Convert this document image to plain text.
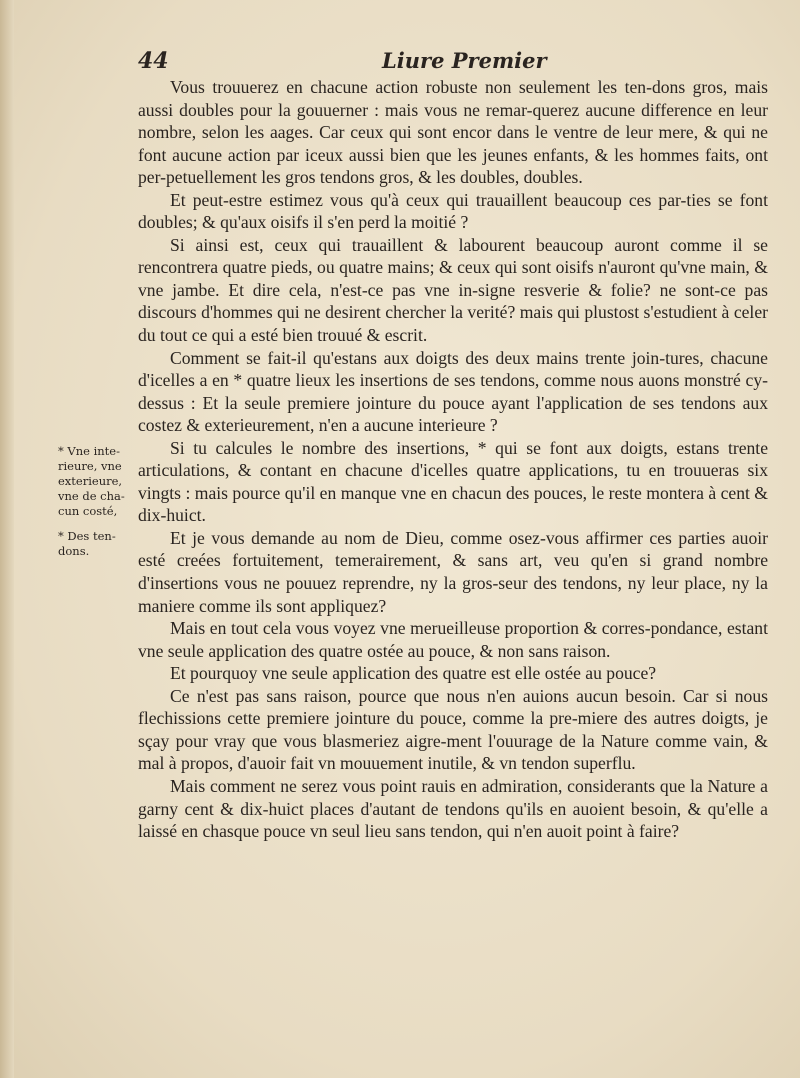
44	Liure Premier
* Vne inte-rieure, vne exterieure, vne de cha-cun costé,
* Des ten-dons.

Vous trouuerez en chacune action robuste non seulement les ten-dons gros, mais aussi doubles pour la gouuerner : mais vous ne remar-querez aucune difference en leur nombre, selon les aages. Car ceux qui sont encor dans le ventre de leur mere, & qui ne font aucune action par iceux aussi bien que les jeunes enfants, & les hommes faits, ont per-petuellement les gros tendons gros, & les doubles, doubles.

Et peut-estre estimez vous qu'à ceux qui trauaillent beaucoup ces par-ties se font doubles; & qu'aux oisifs il s'en perd la moitié ?

Si ainsi est, ceux qui trauaillent & labourent beaucoup auront comme il se rencontrera quatre pieds, ou quatre mains; & ceux qui sont oisifs n'auront qu'vne main, & vne jambe. Et dire cela, n'est-ce pas vne in-signe resverie & folie? ne sont-ce pas discours d'hommes qui ne desirent chercher la verité? mais qui plustost s'estudient à celer du tout ce qui a esté bien trouué & escrit.

Comment se fait-il qu'estans aux doigts des deux mains trente join-tures, chacune d'icelles a en * quatre lieux les insertions de ses tendons, comme nous auons monstré cy-dessus : Et la seule premiere jointure du pouce ayant l'application de ses tendons aux costez & exterieurement, n'en a aucune interieure ?

Si tu calcules le nombre des insertions, * qui se font aux doigts, estans trente articulations, & contant en chacune d'icelles quatre applications, tu en trouueras six vingts : mais pource qu'il en manque vne en chacun des pouces, le reste montera à cent & dix-huict.

Et je vous demande au nom de Dieu, comme osez-vous affirmer ces parties auoir esté creées fortuitement, temerairement, & sans art, veu qu'en si grand nombre d'insertions vous ne pouuez reprendre, ny la gros-seur des tendons, ny leur place, ny la maniere comme ils sont appliquez?

Mais en tout cela vous voyez vne merueilleuse proportion & corres-pondance, estant vne seule application des quatre ostée au pouce, & non sans raison.

Et pourquoy vne seule application des quatre est elle ostée au pouce?

Ce n'est pas sans raison, pource que nous n'en auions aucun besoin. Car si nous flechissions cette premiere jointure du pouce, comme la pre-miere des autres doigts, je sçay pour vray que vous blasmeriez aigre-ment l'ouurage de la Nature comme vain, & mal à propos, d'auoir fait vn mouuement inutile, & vn tendon superflu.

Mais comment ne serez vous point rauis en admiration, considerants que la Nature a garny cent & dix-huict places d'autant de tendons qu'ils en auoient besoin, & qu'elle a laissé en chasque pouce vn seul lieu sans tendon, qui n'en auoit point à faire?
